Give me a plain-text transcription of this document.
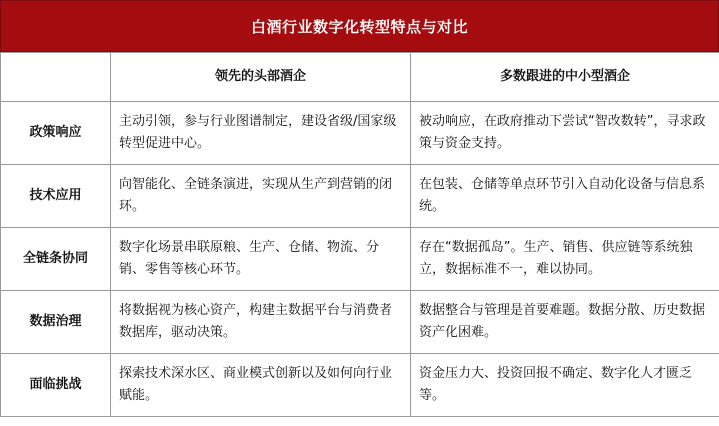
白酒行业数字化转型特点与对比
	领先的头部酒企	多数跟进的中小型酒企
政策响应	主动引领，参与行业图谱制定，建设省级/国家级转型促进中心。	被动响应，在政府推动下尝试“智改数转”，寻求政策与资金支持。
技术应用	向智能化、全链条演进，实现从生产到营销的闭环。	在包装、仓储等单点环节引入自动化设备与信息系统。
全链条协同	数字化场景串联原粮、生产、仓储、物流、分销、零售等核心环节。	存在“数据孤岛”。生产、销售、供应链等系统独立，数据标准不一，难以协同。
数据治理	将数据视为核心资产，构建主数据平台与消费者数据库，驱动决策。	数据整合与管理是首要难题。数据分散、历史数据资产化困难。
面临挑战	探索技术深水区、商业模式创新以及如何向行业赋能。	资金压力大、投资回报不确定、数字化人才匮乏等。
